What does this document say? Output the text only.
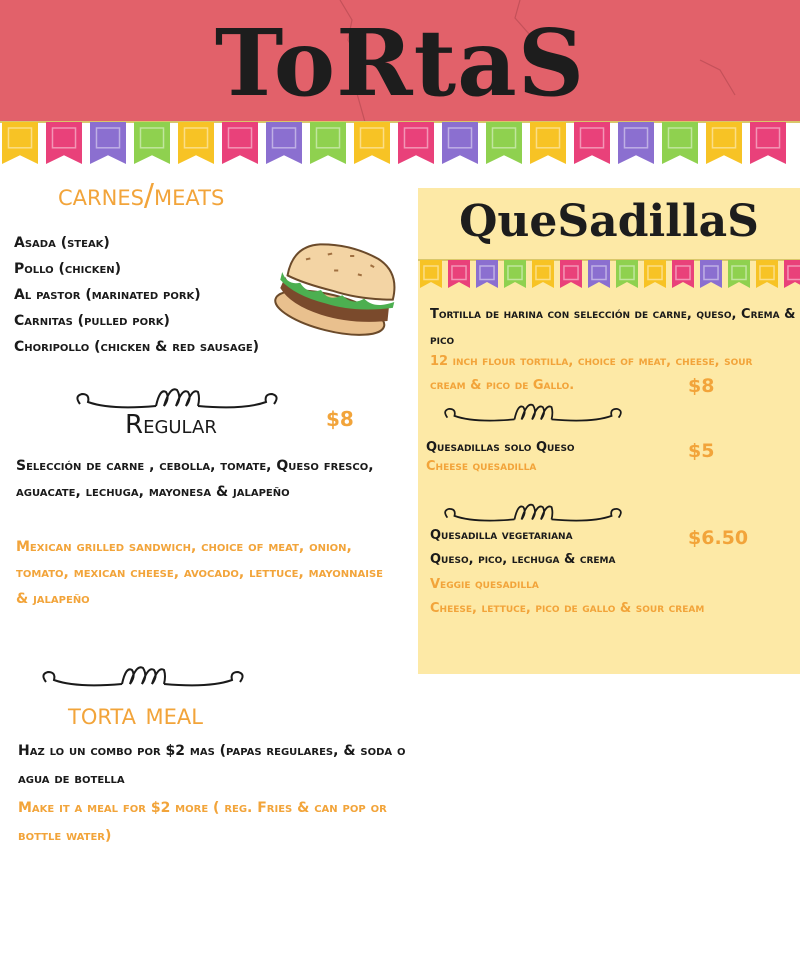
ToRtaS
carnes/meats
Asada (steak)
Pollo (chicken)
Al pastor (marinated pork)
Carnitas (pulled pork)
Choripollo (chicken & red sausage)
Regular	$8
Selección de carne , cebolla, tomate, Queso fresco, aguacate, lechuga, mayonesa & jalapeño
Mexican grilled sandwich, choice of meat, onion, tomato, mexican cheese, avocado, lettuce, mayonnaise & jalapeño
torta meal
Haz lo un combo por $2 mas (papas regulares, & soda o agua de botella
Make it a meal for $2 more ( reg. Fries & can pop or bottle water)
QueSadillaS
Tortilla de harina con selección de carne, queso, Crema & pico
12 inch flour tortilla, choice of meat, cheese, sour cream & pico de Gallo.	$8
Quesadillas solo Queso
Cheese quesadilla
$5
Quesadilla vegetariana	$6.50
Queso, pico, lechuga & crema
Veggie quesadilla
Cheese, lettuce, pico de gallo & sour cream
